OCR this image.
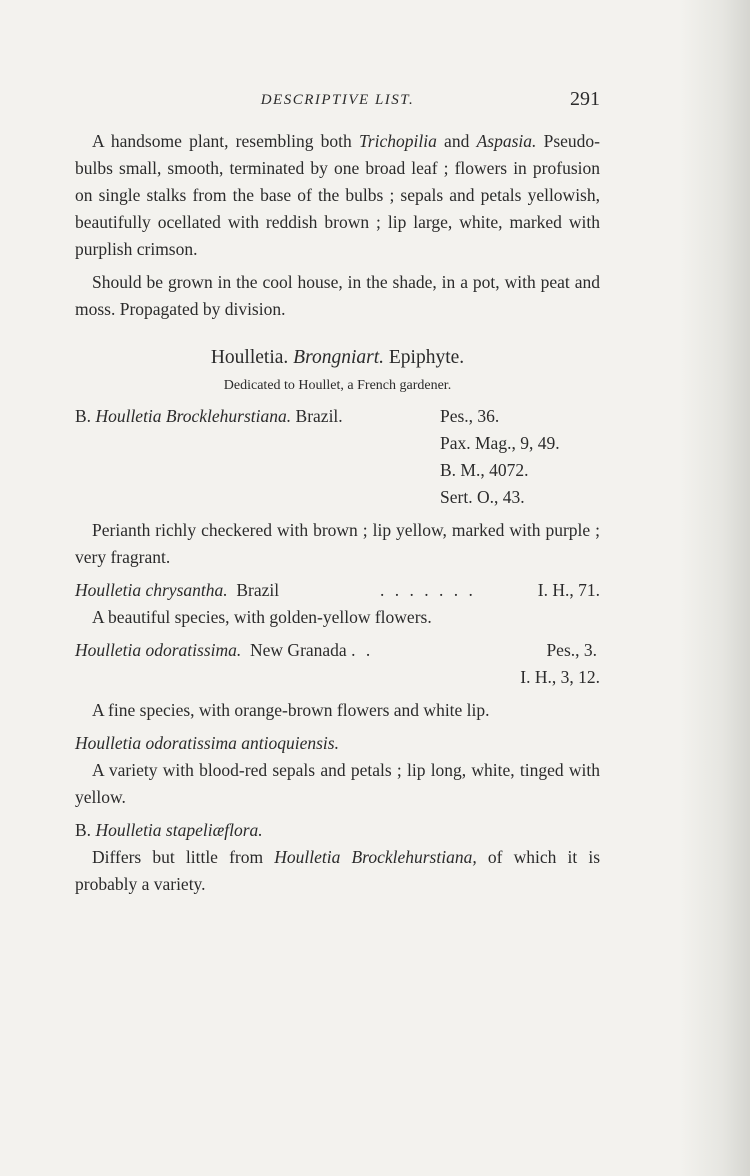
DESCRIPTIVE LIST.	291

A handsome plant, resembling both Trichopilia and Aspasia. Pseudo-bulbs small, smooth, terminated by one broad leaf ; flowers in profusion on single stalks from the base of the bulbs ; sepals and petals yellowish, beautifully ocellated with reddish brown ; lip large, white, marked with purplish crimson.

Should be grown in the cool house, in the shade, in a pot, with peat and moss. Propagated by division.

Houlletia. Brongniart. Epiphyte.
Dedicated to Houllet, a French gardener.
B. Houlletia Brocklehurstiana. Brazil.	Pes., 36.
Pax. Mag., 9, 49.
B. M., 4072.
Sert. O., 43.

Perianth richly checkered with brown ; lip yellow, marked with purple ; very fragrant.

Houlletia chrysantha. Brazil	. . . . . . .	I. H., 71.

A beautiful species, with golden-yellow flowers.

Houlletia odoratissima. New Granada . .	Pes., 3.
I. H., 3, 12.

A fine species, with orange-brown flowers and white lip.

Houlletia odoratissima antioquiensis.

A variety with blood-red sepals and petals ; lip long, white, tinged with yellow.

B. Houlletia stapeliæflora.

Differs but little from Houlletia Brocklehurstiana, of which it is probably a variety.
